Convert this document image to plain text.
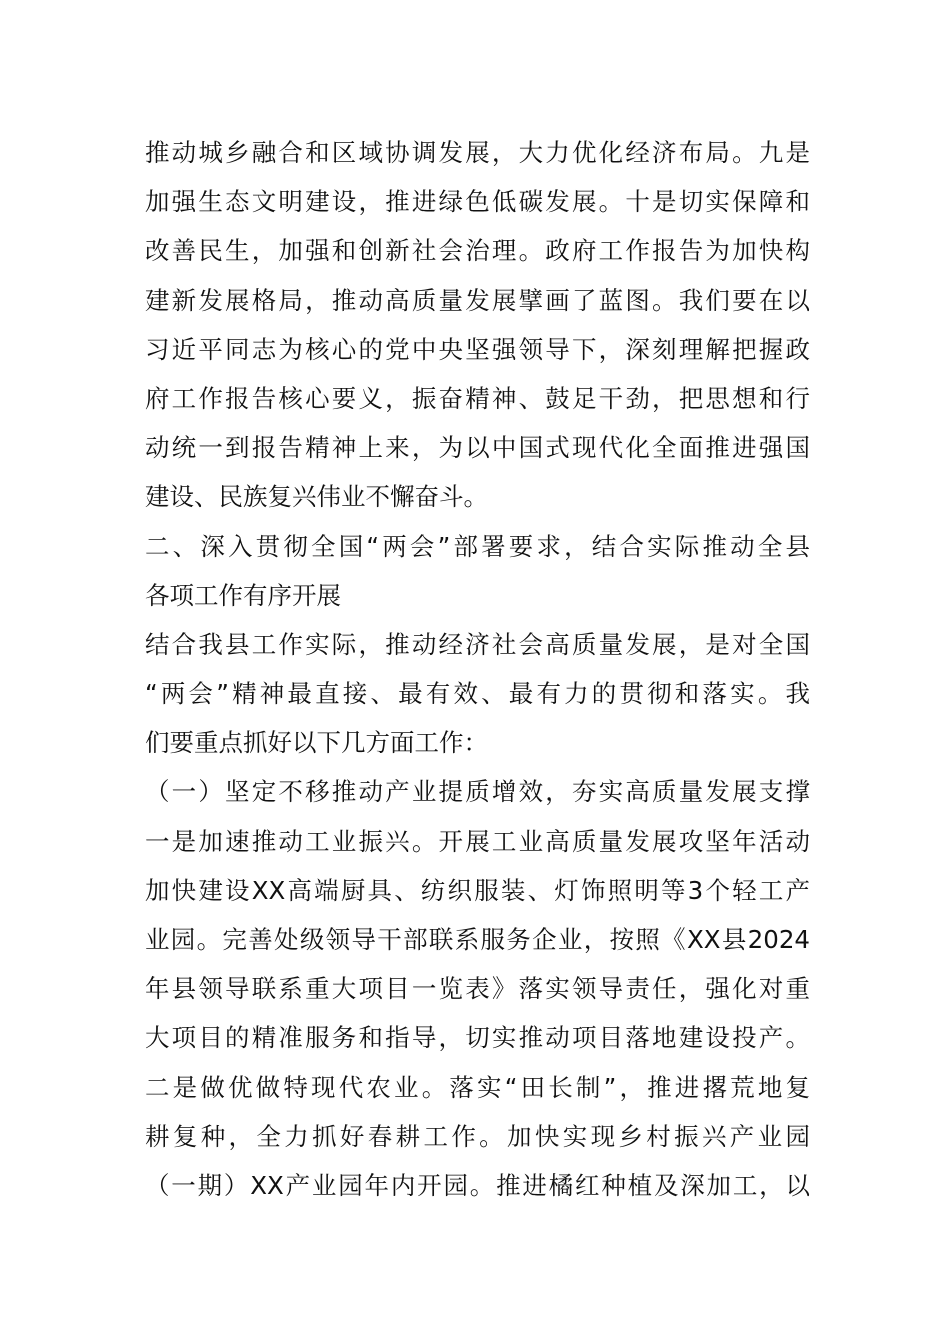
推动城乡融合和区域协调发展，大力优化经济布局。九是
加强生态文明建设，推进绿色低碳发展。十是切实保障和
改善民生，加强和创新社会治理。政府工作报告为加快构
建新发展格局，推动高质量发展擘画了蓝图。我们要在以
习近平同志为核心的党中央坚强领导下，深刻理解把握政
府工作报告核心要义，振奋精神、鼓足干劲，把思想和行
动统一到报告精神上来，为以中国式现代化全面推进强国
建设、民族复兴伟业不懈奋斗。
二、深入贯彻全国“两会”部署要求，结合实际推动全县
各项工作有序开展
结合我县工作实际，推动经济社会高质量发展，是对全国
“两会”精神最直接、最有效、最有力的贯彻和落实。我
们要重点抓好以下几方面工作：
（一）坚定不移推动产业提质增效，夯实高质量发展支撑
一是加速推动工业振兴。开展工业高质量发展攻坚年活动
加快建设XX高端厨具、纺织服装、灯饰照明等3个轻工产
业园。完善处级领导干部联系服务企业，按照《XX县2024
年县领导联系重大项目一览表》落实领导责任，强化对重
大项目的精准服务和指导，切实推动项目落地建设投产。
二是做优做特现代农业。落实“田长制”，推进撂荒地复
耕复种，全力抓好春耕工作。加快实现乡村振兴产业园
（一期）XX产业园年内开园。推进橘红种植及深加工，以
